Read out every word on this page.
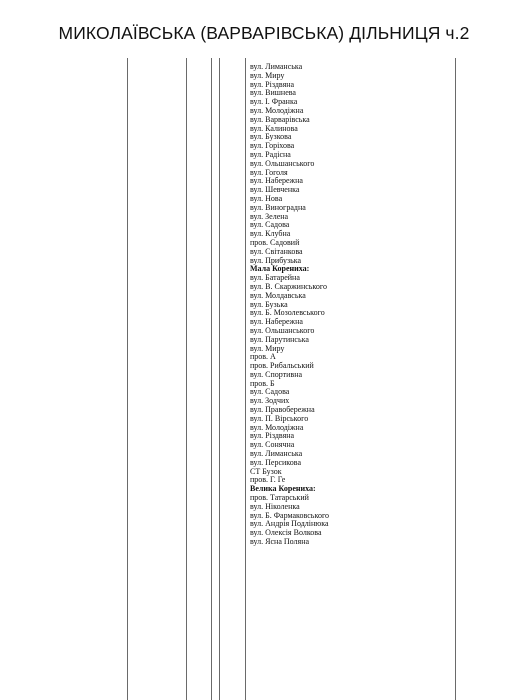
МИКОЛАЇВСЬКА (ВАРВАРІВСЬКА) ДІЛЬНИЦЯ ч.2
вул. Лиманська
вул. Миру
вул. Різдвяна
вул. Вишнева
вул. І. Франка
вул. Молодіжна
вул. Варварівська
вул. Калинова
вул. Бузкова
вул. Горіхова
вул. Радісна
вул. Ольшанського
вул. Гоголя
вул. Набережна
вул. Шевченка
вул. Нова
вул. Виноградна
вул. Зелена
вул. Садова
вул. Клубна
пров. Садовий
вул. Світанкова
вул. Прибузька
Мала Корениха:
вул. Батарейна
вул. В. Скаржинського
вул. Молдавська
вул. Бузька
вул. Б. Мозолевського
вул. Набережна
вул. Ольшанського
вул. Парутинська
вул. Миру
пров. А
пров. Рибальський
вул. Спортивна
пров. Б
вул. Садова
вул. Зодчих
вул. Правобережна
вул. П. Вірського
вул. Молодіжна
вул. Різдвяна
вул. Сонячна
вул. Лиманська
вул. Персикова
СТ Бузок
пров. Г. Ге
Велика Корениха:
пров. Татарський
вул. Ніколенка
вул. Б. Фармаковського
вул. Андрія Подлінюка
вул. Олексія Волкова
вул. Ясна Поляна
